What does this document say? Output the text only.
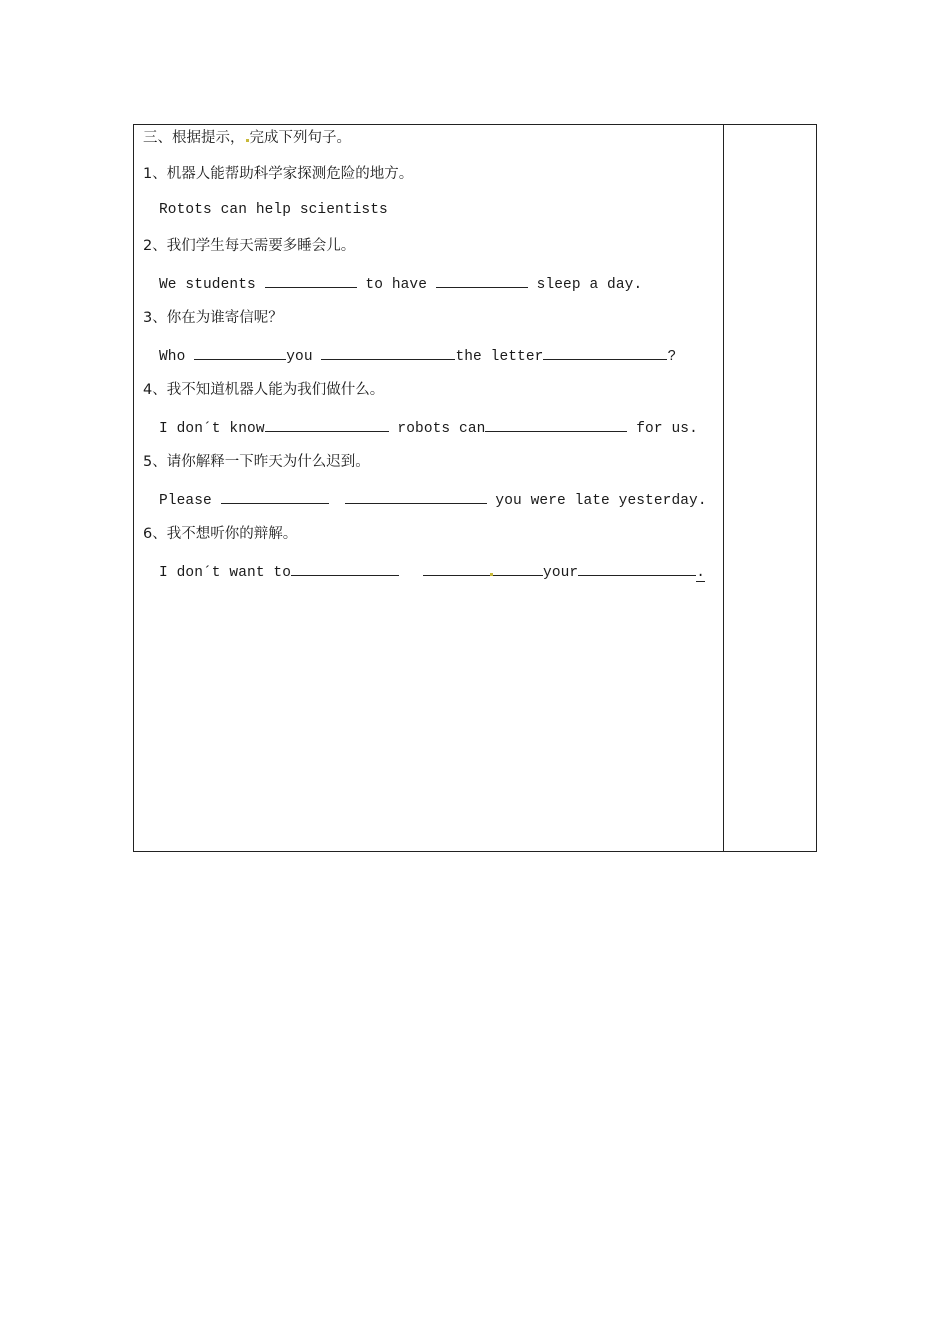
三、根据提示， 完成下列句子。
1、机器人能帮助科学家探测危险的地方。
Rotots can help scientists
2、我们学生每天需要多睡会儿。
We students	to have	sleep a day.
3、你在为谁寄信呢？
Who	you	the letter	?
4、我不知道机器人能为我们做什么。
I don´t know	robots can	for us.
5、请你解释一下昨天为什么迟到。
Please	you were late yesterday.
6、我不想听你的辩解。
I don´t want to	your	.
